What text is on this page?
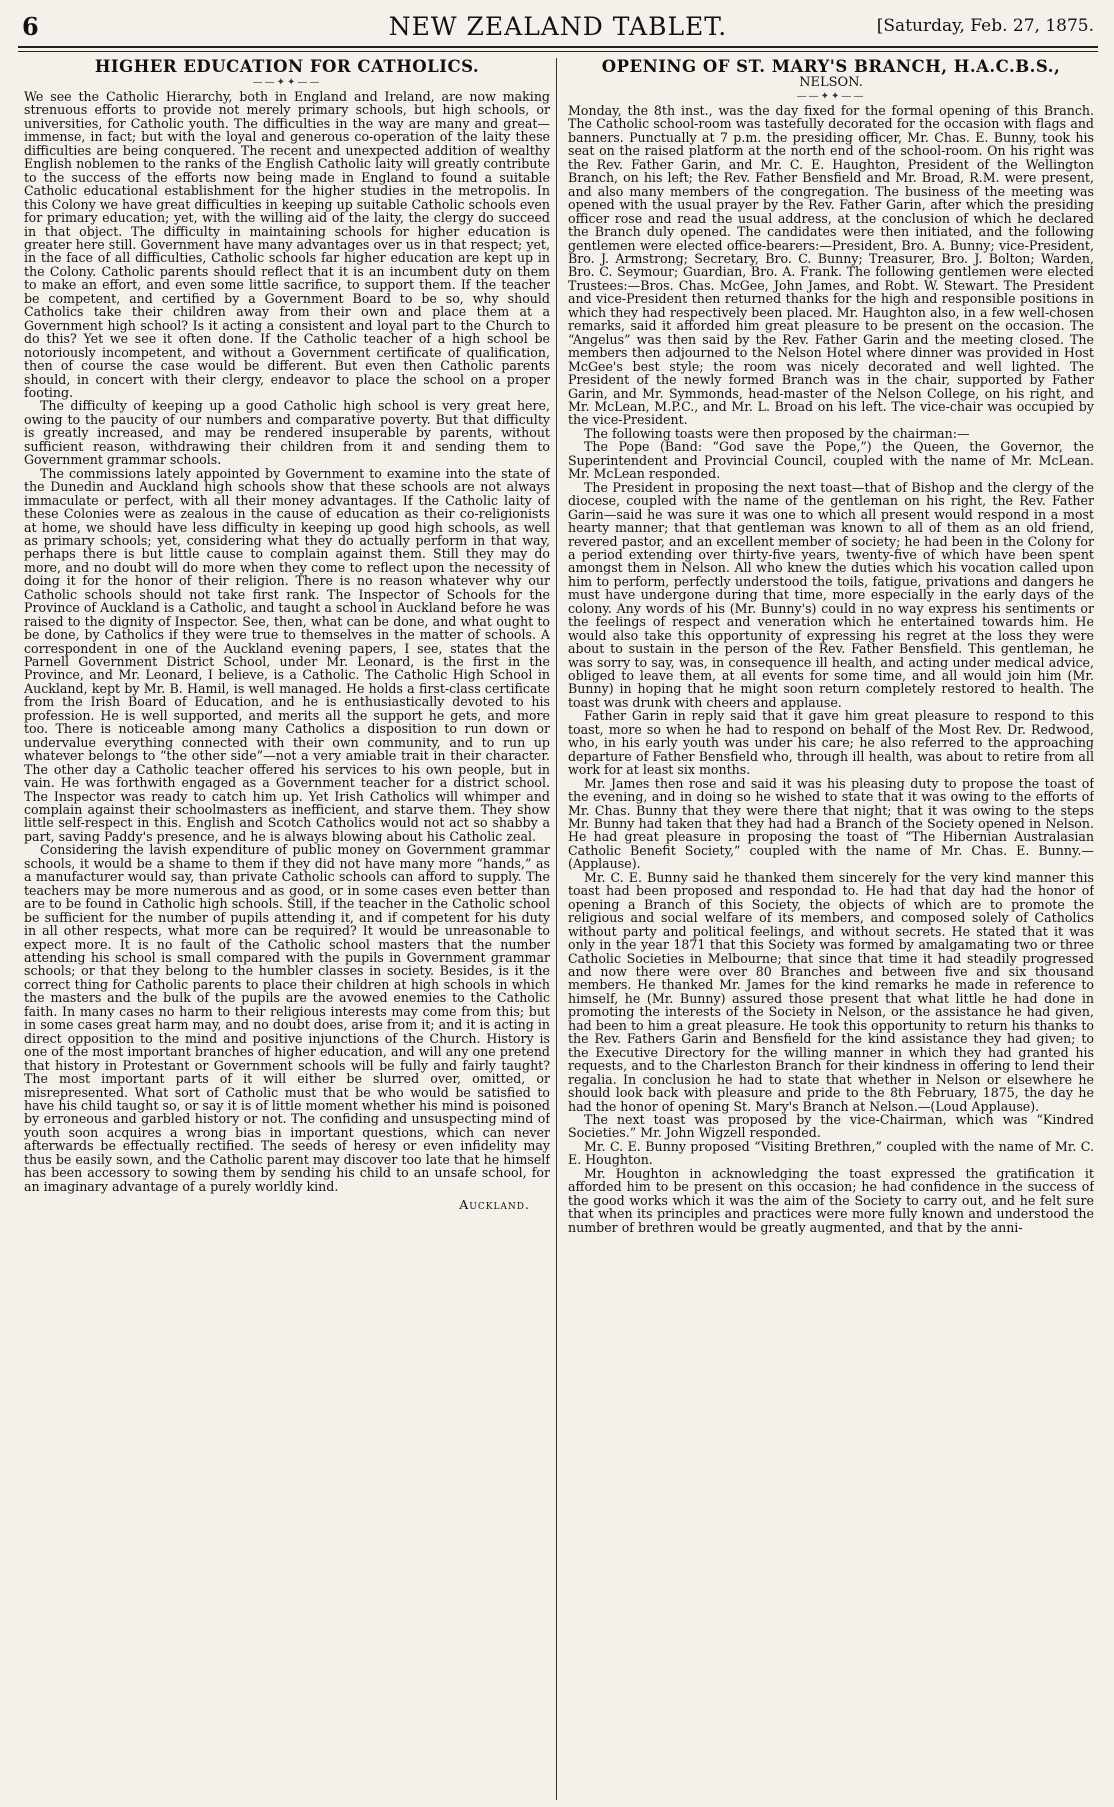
6	NEW ZEALAND TABLET.	[Saturday, Feb. 27, 1875.
HIGHER EDUCATION FOR CATHOLICS.
——✦✦——

We see the Catholic Hierarchy, both in England and Ireland, are now making strenuous efforts to provide not merely primary schools, but high schools, or universities, for Catholic youth. The difficulties in the way are many and great—immense, in fact; but with the loyal and generous co-operation of the laity these difficulties are being conquered. The recent and unexpected addition of wealthy English noblemen to the ranks of the English Catholic laity will greatly contribute to the success of the efforts now being made in England to found a suitable Catholic educational establishment for the higher studies in the metropolis. In this Colony we have great difficulties in keeping up suitable Catholic schools even for primary education; yet, with the willing aid of the laity, the clergy do succeed in that object. The difficulty in maintaining schools for higher education is greater here still. Government have many advantages over us in that respect; yet, in the face of all difficulties, Catholic schools far higher education are kept up in the Colony. Catholic parents should reflect that it is an incumbent duty on them to make an effort, and even some little sacrifice, to support them. If the teacher be competent, and certified by a Government Board to be so, why should Catholics take their children away from their own and place them at a Government high school? Is it acting a consistent and loyal part to the Church to do this? Yet we see it often done. If the Catholic teacher of a high school be notoriously incompetent, and without a Government certificate of qualification, then of course the case would be different. But even then Catholic parents should, in concert with their clergy, endeavor to place the school on a proper footing.

The difficulty of keeping up a good Catholic high school is very great here, owing to the paucity of our numbers and comparative poverty. But that difficulty is greatly increased, and may be rendered insuperable by parents, without sufficient reason, withdrawing their children from it and sending them to Government grammar schools.

The commissions lately appointed by Government to examine into the state of the Dunedin and Auckland high schools show that these schools are not always immaculate or perfect, with all their money advantages. If the Catholic laity of these Colonies were as zealous in the cause of education as their co-religionists at home, we should have less difficulty in keeping up good high schools, as well as primary schools; yet, considering what they do actually perform in that way, perhaps there is but little cause to complain against them. Still they may do more, and no doubt will do more when they come to reflect upon the necessity of doing it for the honor of their religion. There is no reason whatever why our Catholic schools should not take first rank. The Inspector of Schools for the Province of Auckland is a Catholic, and taught a school in Auckland before he was raised to the dignity of Inspector. See, then, what can be done, and what ought to be done, by Catholics if they were true to themselves in the matter of schools. A correspondent in one of the Auckland evening papers, I see, states that the Parnell Government District School, under Mr. Leonard, is the first in the Province, and Mr. Leonard, I believe, is a Catholic. The Catholic High School in Auckland, kept by Mr. B. Hamil, is well managed. He holds a first-class certificate from the Irish Board of Education, and he is enthusiastically devoted to his profession. He is well supported, and merits all the support he gets, and more too. There is noticeable among many Catholics a disposition to run down or undervalue everything connected with their own community, and to run up whatever belongs to “the other side”—not a very amiable trait in their character. The other day a Catholic teacher offered his services to his own people, but in vain. He was forthwith engaged as a Government teacher for a district school. The Inspector was ready to catch him up. Yet Irish Catholics will whimper and complain against their schoolmasters as inefficient, and starve them. They show little self-respect in this. English and Scotch Catholics would not act so shabby a part, saving Paddy's presence, and he is always blowing about his Catholic zeal.

Considering the lavish expenditure of public money on Government grammar schools, it would be a shame to them if they did not have many more “hands,” as a manufacturer would say, than private Catholic schools can afford to supply. The teachers may be more numerous and as good, or in some cases even better than are to be found in Catholic high schools. Still, if the teacher in the Catholic school be sufficient for the number of pupils attending it, and if competent for his duty in all other respects, what more can be required? It would be unreasonable to expect more. It is no fault of the Catholic school masters that the number attending his school is small compared with the pupils in Government grammar schools; or that they belong to the humbler classes in society. Besides, is it the correct thing for Catholic parents to place their children at high schools in which the masters and the bulk of the pupils are the avowed enemies to the Catholic faith. In many cases no harm to their religious interests may come from this; but in some cases great harm may, and no doubt does, arise from it; and it is acting in direct opposition to the mind and positive injunctions of the Church. History is one of the most important branches of higher education, and will any one pretend that history in Protestant or Government schools will be fully and fairly taught? The most important parts of it will either be slurred over, omitted, or misrepresented. What sort of Catholic must that be who would be satisfied to have his child taught so, or say it is of little moment whether his mind is poisoned by erroneous and garbled history or not. The confiding and unsuspecting mind of youth soon acquires a wrong bias in important questions, which can never afterwards be effectually rectified. The seeds of heresy or even infidelity may thus be easily sown, and the Catholic parent may discover too late that he himself has been accessory to sowing them by sending his child to an unsafe school, for an imaginary advantage of a purely worldly kind.

Auckland.
OPENING OF ST. MARY'S BRANCH, H.A.C.B.S.,
NELSON.
——✦✦——

Monday, the 8th inst., was the day fixed for the formal opening of this Branch. The Catholic school-room was tastefully decorated for the occasion with flags and banners. Punctually at 7 p.m. the presiding officer, Mr. Chas. E. Bunny, took his seat on the raised platform at the north end of the school-room. On his right was the Rev. Father Garin, and Mr. C. E. Haughton, President of the Wellington Branch, on his left; the Rev. Father Bensfield and Mr. Broad, R.M. were present, and also many members of the congregation. The business of the meeting was opened with the usual prayer by the Rev. Father Garin, after which the presiding officer rose and read the usual address, at the conclusion of which he declared the Branch duly opened. The candidates were then initiated, and the following gentlemen were elected office-bearers:—President, Bro. A. Bunny; vice-President, Bro. J. Armstrong; Secretary, Bro. C. Bunny; Treasurer, Bro. J. Bolton; Warden, Bro. C. Seymour; Guardian, Bro. A. Frank. The following gentlemen were elected Trustees:—Bros. Chas. McGee, John James, and Robt. W. Stewart. The President and vice-President then returned thanks for the high and responsible positions in which they had respectively been placed. Mr. Haughton also, in a few well-chosen remarks, said it afforded him great pleasure to be present on the occasion. The “Angelus” was then said by the Rev. Father Garin and the meeting closed. The members then adjourned to the Nelson Hotel where dinner was provided in Host McGee's best style; the room was nicely decorated and well lighted. The President of the newly formed Branch was in the chair, supported by Father Garin, and Mr. Symmonds, head-master of the Nelson College, on his right, and Mr. McLean, M.P.C., and Mr. L. Broad on his left. The vice-chair was occupied by the vice-President.

The following toasts were then proposed by the chairman:—

The Pope (Band: “God save the Pope,”) the Queen, the Governor, the Superintendent and Provincial Council, coupled with the name of Mr. McLean. Mr. McLean responded.

The President in proposing the next toast—that of Bishop and the clergy of the diocese, coupled with the name of the gentleman on his right, the Rev. Father Garin—said he was sure it was one to which all present would respond in a most hearty manner; that that gentleman was known to all of them as an old friend, revered pastor, and an excellent member of society; he had been in the Colony for a period extending over thirty-five years, twenty-five of which have been spent amongst them in Nelson. All who knew the duties which his vocation called upon him to perform, perfectly understood the toils, fatigue, privations and dangers he must have undergone during that time, more especially in the early days of the colony. Any words of his (Mr. Bunny's) could in no way express his sentiments or the feelings of respect and veneration which he entertained towards him. He would also take this opportunity of expressing his regret at the loss they were about to sustain in the person of the Rev. Father Bensfield. This gentleman, he was sorry to say, was, in consequence ill health, and acting under medical advice, obliged to leave them, at all events for some time, and all would join him (Mr. Bunny) in hoping that he might soon return completely restored to health. The toast was drunk with cheers and applause.

Father Garin in reply said that it gave him great pleasure to respond to this toast, more so when he had to respond on behalf of the Most Rev. Dr. Redwood, who, in his early youth was under his care; he also referred to the approaching departure of Father Bensfield who, through ill health, was about to retire from all work for at least six months.

Mr. James then rose and said it was his pleasing duty to propose the toast of the evening, and in doing so he wished to state that it was owing to the efforts of Mr. Chas. Bunny that they were there that night; that it was owing to the steps Mr. Bunny had taken that they had had a Branch of the Society opened in Nelson. He had great pleasure in proposing the toast of “The Hibernian Australasian Catholic Benefit Society,” coupled with the name of Mr. Chas. E. Bunny.—(Applause).

Mr. C. E. Bunny said he thanked them sincerely for the very kind manner this toast had been proposed and respondad to. He had that day had the honor of opening a Branch of this Society, the objects of which are to promote the religious and social welfare of its members, and composed solely of Catholics without party and political feelings, and without secrets. He stated that it was only in the year 1871 that this Society was formed by amalgamating two or three Catholic Societies in Melbourne; that since that time it had steadily progressed and now there were over 80 Branches and between five and six thousand members. He thanked Mr. James for the kind remarks he made in reference to himself, he (Mr. Bunny) assured those present that what little he had done in promoting the interests of the Society in Nelson, or the assistance he had given, had been to him a great pleasure. He took this opportunity to return his thanks to the Rev. Fathers Garin and Bensfield for the kind assistance they had given; to the Executive Directory for the willing manner in which they had granted his requests, and to the Charleston Branch for their kindness in offering to lend their regalia. In conclusion he had to state that whether in Nelson or elsewhere he should look back with pleasure and pride to the 8th February, 1875, the day he had the honor of opening St. Mary's Branch at Nelson.—(Loud Applause).

The next toast was proposed by the vice-Chairman, which was “Kindred Societies.” Mr. John Wigzell responded.

Mr. C. E. Bunny proposed “Visiting Brethren,” coupled with the name of Mr. C. E. Houghton.

Mr. Houghton in acknowledging the toast expressed the gratification it afforded him to be present on this occasion; he had confidence in the success of the good works which it was the aim of the Society to carry out, and he felt sure that when its principles and practices were more fully known and understood the number of brethren would be greatly augmented, and that by the anni-
